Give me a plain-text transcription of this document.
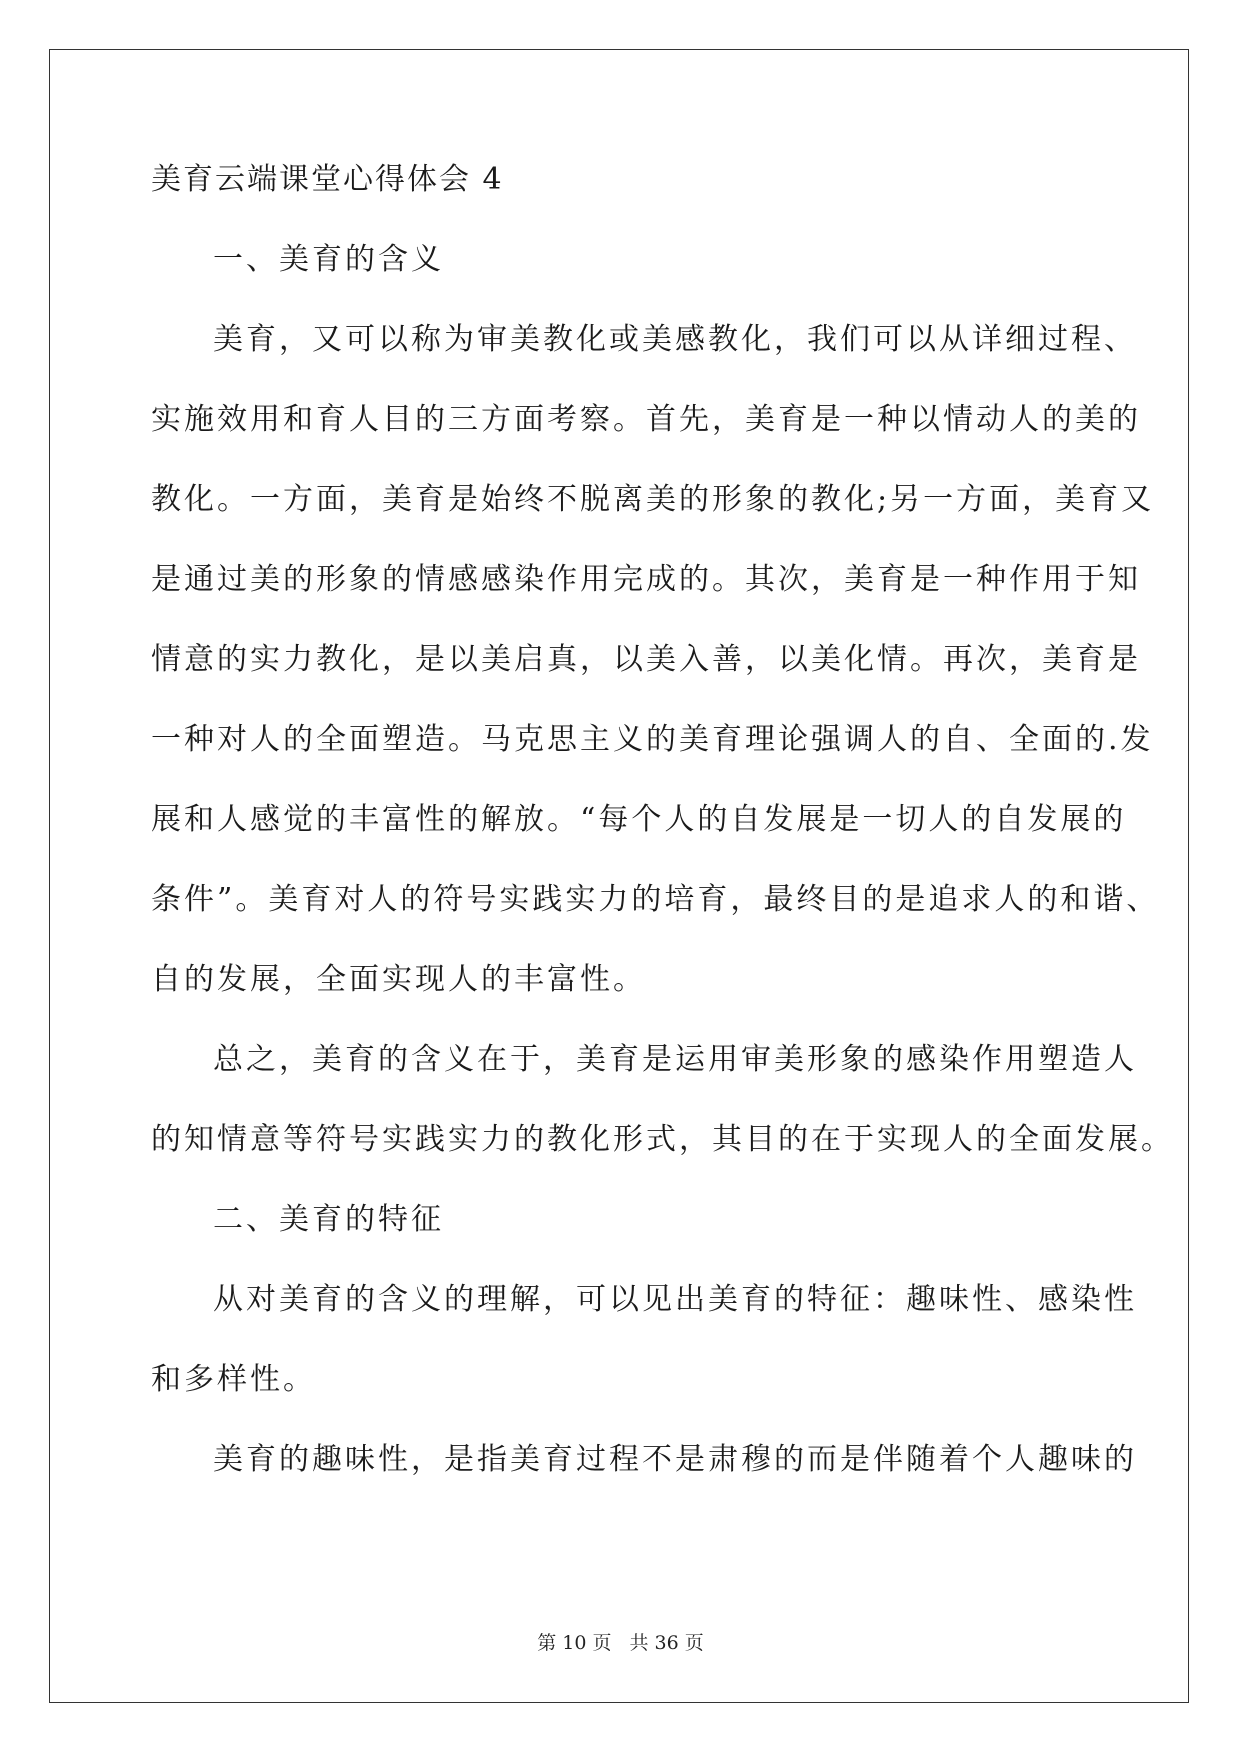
美育云端课堂心得体会 4
一、美育的含义
美育，又可以称为审美教化或美感教化，我们可以从详细过程、
实施效用和育人目的三方面考察。首先，美育是一种以情动人的美的
教化。一方面，美育是始终不脱离美的形象的教化;另一方面，美育又
是通过美的形象的情感感染作用完成的。其次，美育是一种作用于知
情意的实力教化，是以美启真，以美入善，以美化情。再次，美育是
一种对人的全面塑造。马克思主义的美育理论强调人的自、全面的.发
展和人感觉的丰富性的解放。“每个人的自发展是一切人的自发展的
条件”。美育对人的符号实践实力的培育，最终目的是追求人的和谐、
自的发展，全面实现人的丰富性。
总之，美育的含义在于，美育是运用审美形象的感染作用塑造人
的知情意等符号实践实力的教化形式，其目的在于实现人的全面发展。
二、美育的特征
从对美育的含义的理解，可以见出美育的特征：趣味性、感染性
和多样性。
美育的趣味性，是指美育过程不是肃穆的而是伴随着个人趣味的
第 10 页 共 36 页
